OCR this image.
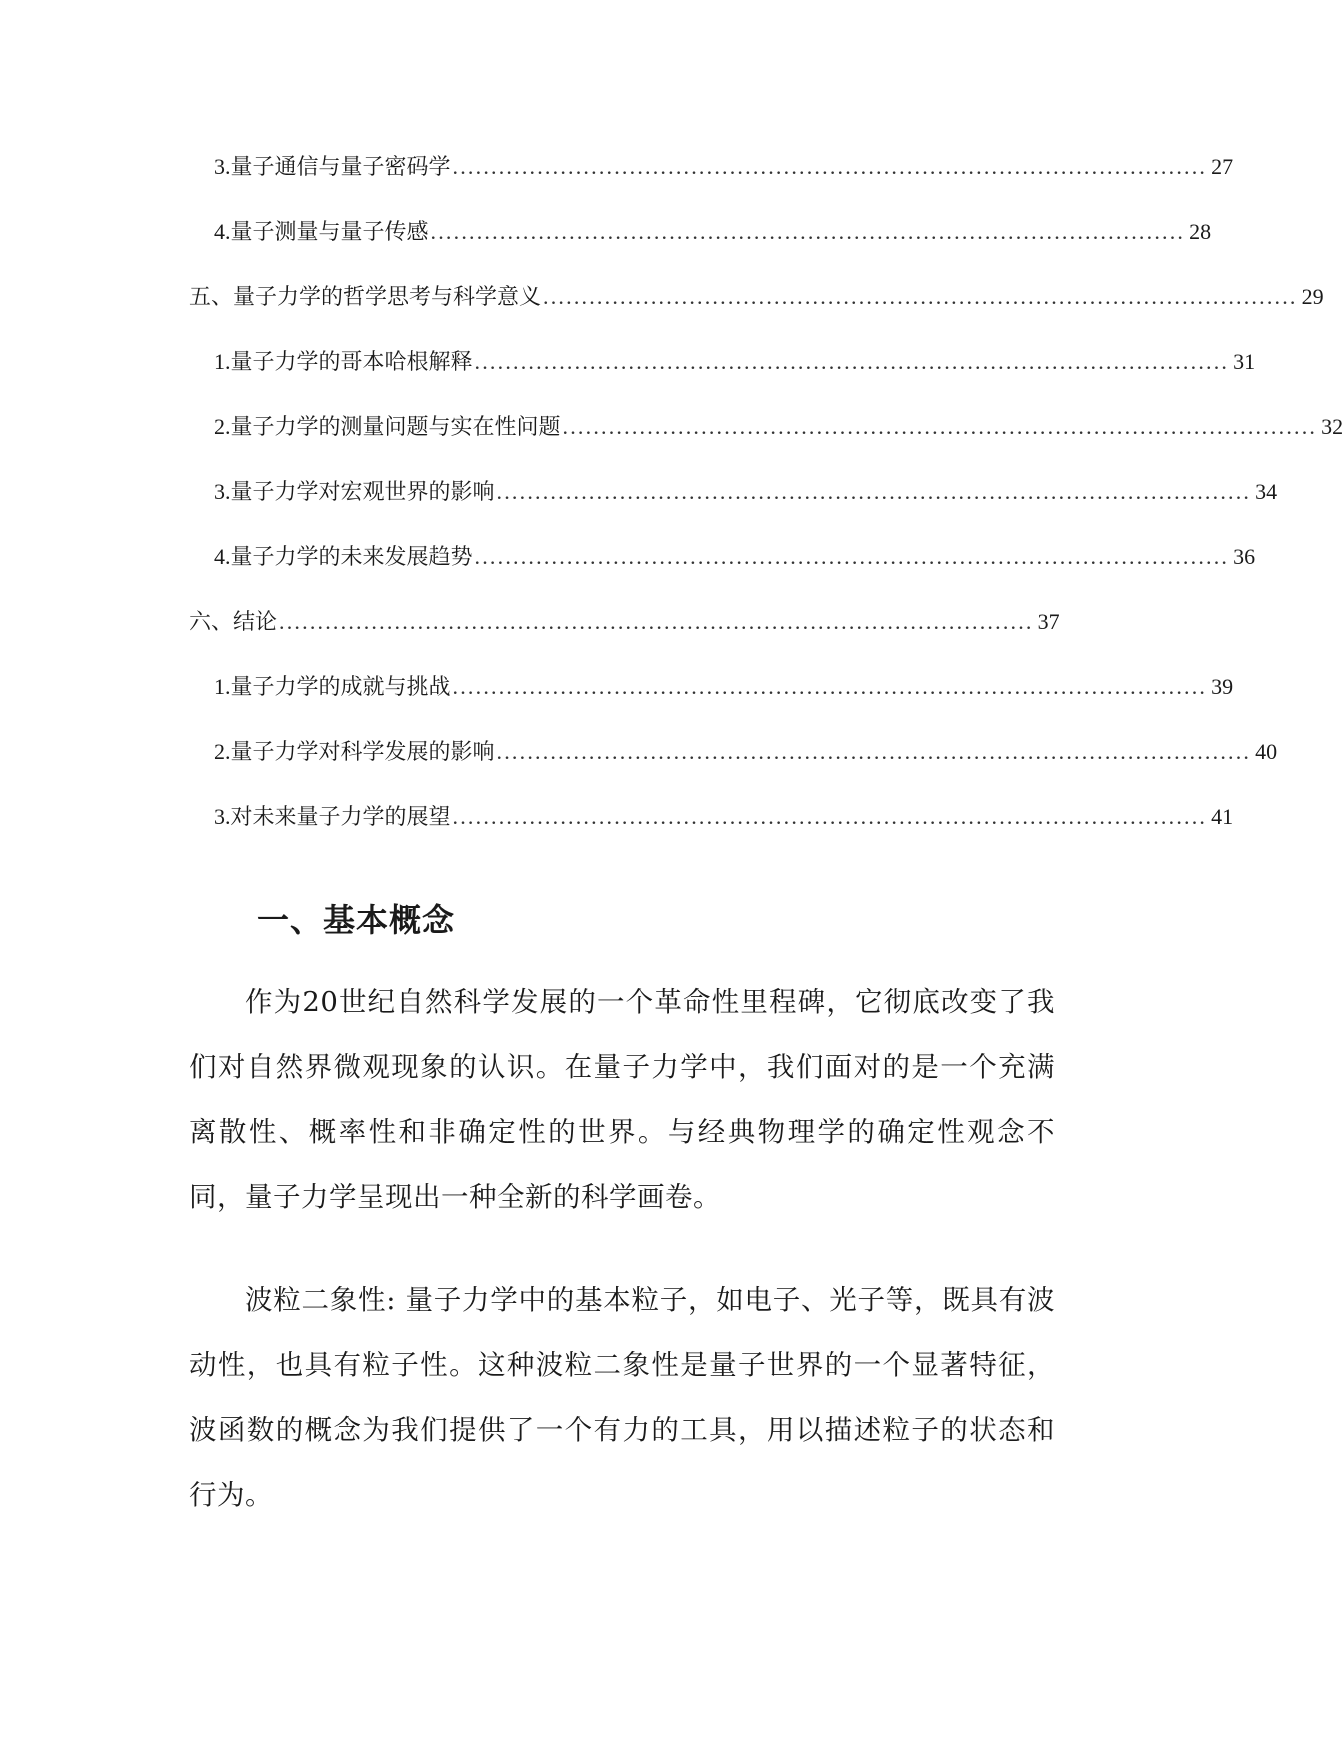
3. 量子通信与量子密码学 .................................................................................................. 27
4. 量子测量与量子传感 .................................................................................................. 28
五、量子力学的哲学思考与科学意义 .................................................................................................. 29
1. 量子力学的哥本哈根解释 .................................................................................................. 31
2. 量子力学的测量问题与实在性问题 .................................................................................................. 32
3. 量子力学对宏观世界的影响 .................................................................................................. 34
4. 量子力学的未来发展趋势 .................................................................................................. 36
六、结论 .................................................................................................. 37
1. 量子力学的成就与挑战 .................................................................................................. 39
2. 量子力学对科学发展的影响 .................................................................................................. 40
3. 对未来量子力学的展望 .................................................................................................. 41
一、基本概念

作为20世纪自然科学发展的一个革命性里程碑，它彻底改变了我们对自然界微观现象的认识。在量子力学中，我们面对的是一个充满离散性、概率性和非确定性的世界。与经典物理学的确定性观念不同，量子力学呈现出一种全新的科学画卷。

波粒二象性: 量子力学中的基本粒子，如电子、光子等，既具有波动性，也具有粒子性。这种波粒二象性是量子世界的一个显著特征，波函数的概念为我们提供了一个有力的工具，用以描述粒子的状态和行为。
